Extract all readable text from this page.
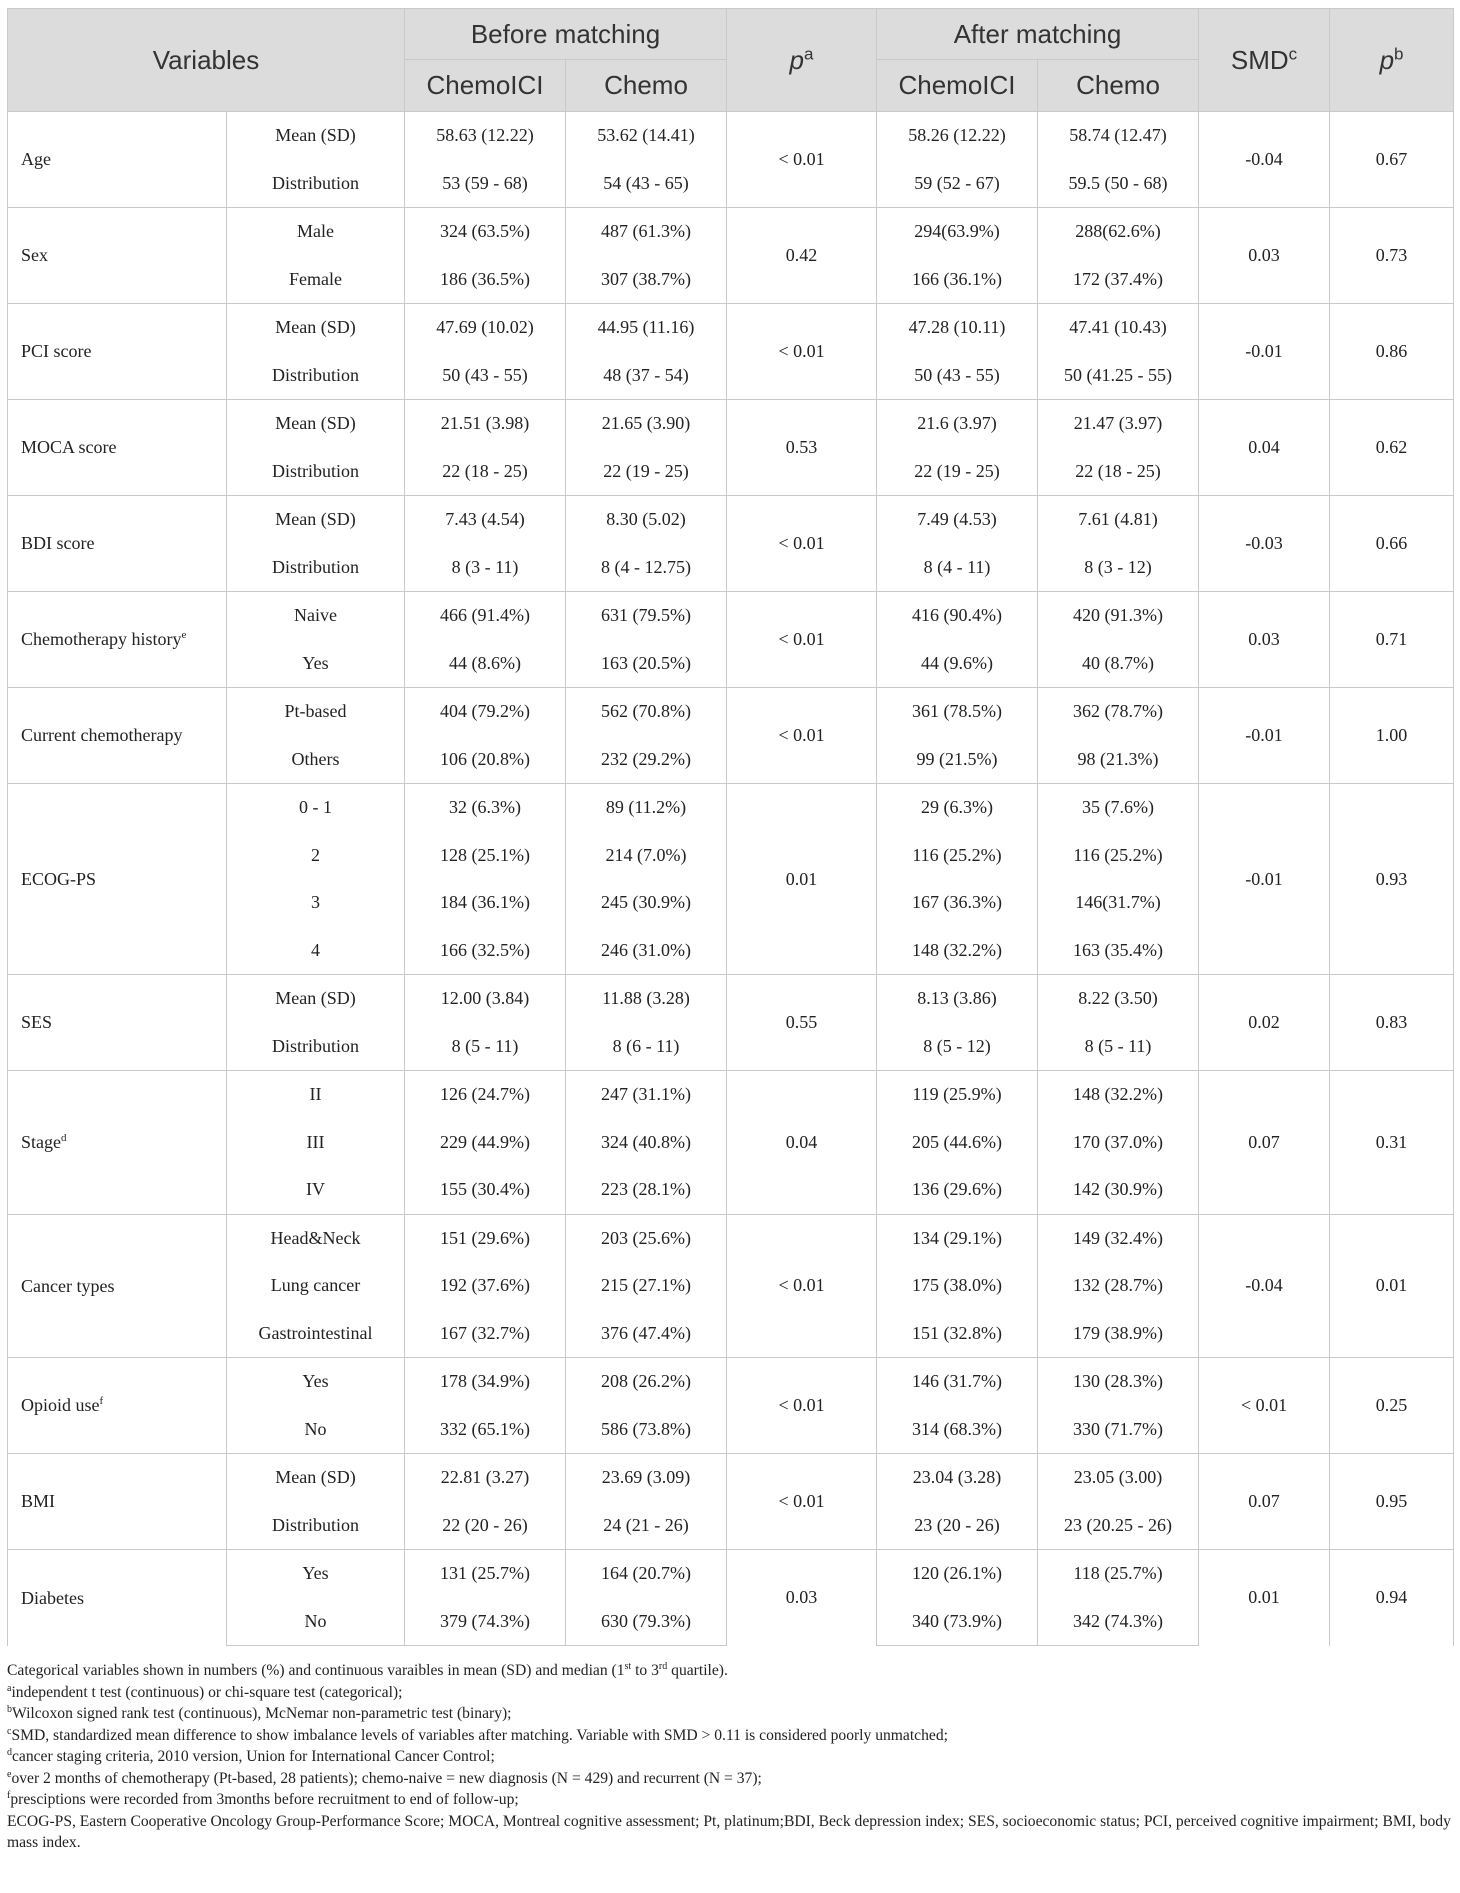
Variables		Before matching		$p^a$	After matching		SMD$^c$	$p^b$
		ChemoICI	Chemo		ChemoICI	Chemo		
Age	Mean (SD)	58.63 (12.22)	53.62 (14.41)	< 0.01	58.26 (12.22)	58.74 (12.47)	-0.04	0.67
	Distribution	53 (59 - 68)	54 (43 - 65)		59 (52 - 67)	59.5 (50 - 68)		
Sex	Male	324 (63.5%)	487 (61.3%)	0.42	294(63.9%)	288(62.6%)	0.03	0.73
	Female	186 (36.5%)	307 (38.7%)		166 (36.1%)	172 (37.4%)		
PCI score	Mean (SD)	47.69 (10.02)	44.95 (11.16)	< 0.01	47.28 (10.11)	47.41 (10.43)	-0.01	0.86
	Distribution	50 (43 - 55)	48 (37 - 54)		50 (43 - 55)	50 (41.25 - 55)		
MOCA score	Mean (SD)	21.51 (3.98)	21.65 (3.90)	0.53	21.6 (3.97)	21.47 (3.97)	0.04	0.62
	Distribution	22 (18 - 25)	22 (19 - 25)		22 (19 - 25)	22 (18 - 25)		
BDI score	Mean (SD)	7.43 (4.54)	8.30 (5.02)	< 0.01	7.49 (4.53)	7.61 (4.81)	-0.03	0.66
	Distribution	8 (3 - 11)	8 (4 - 12.75)		8 (4 - 11)	8 (3 - 12)		
Chemotherapy history$^e$	Naive	466 (91.4%)	631 (79.5%)	< 0.01	416 (90.4%)	420 (91.3%)	0.03	0.71
	Yes	44 (8.6%)	163 (20.5%)		44 (9.6%)	40 (8.7%)		
Current chemotherapy	Pt-based	404 (79.2%)	562 (70.8%)	< 0.01	361 (78.5%)	362 (78.7%)	-0.01	1.00
	Others	106 (20.8%)	232 (29.2%)		99 (21.5%)	98 (21.3%)		
ECOG-PS	0 - 1	32 (6.3%)	89 (11.2%)	0.01	29 (6.3%)	35 (7.6%)	-0.01	0.93
	2	128 (25.1%)	214 (7.0%)		116 (25.2%)	116 (25.2%)		
	3	184 (36.1%)	245 (30.9%)		167 (36.3%)	146(31.7%)		
	4	166 (32.5%)	246 (31.0%)		148 (32.2%)	163 (35.4%)		
SES	Mean (SD)	12.00 (3.84)	11.88 (3.28)	0.55	8.13 (3.86)	8.22 (3.50)	0.02	0.83
	Distribution	8 (5 - 11)	8 (6 - 11)		8 (5 - 12)	8 (5 - 11)		
Stage$^d$	II	126 (24.7%)	247 (31.1%)	0.04	119 (25.9%)	148 (32.2%)	0.07	0.31
	III	229 (44.9%)	324 (40.8%)		205 (44.6%)	170 (37.0%)		
	IV	155 (30.4%)	223 (28.1%)		136 (29.6%)	142 (30.9%)		
Cancer types	Head&Neck	151 (29.6%)	203 (25.6%)	< 0.01	134 (29.1%)	149 (32.4%)	-0.04	0.01
	Lung cancer	192 (37.6%)	215 (27.1%)		175 (38.0%)	132 (28.7%)		
	Gastrointestinal	167 (32.7%)	376 (47.4%)		151 (32.8%)	179 (38.9%)		
Opioid use$^f$	Yes	178 (34.9%)	208 (26.2%)	< 0.01	146 (31.7%)	130 (28.3%)	< 0.01	0.25
	No	332 (65.1%)	586 (73.8%)		314 (68.3%)	330 (71.7%)		
BMI	Mean (SD)	22.81 (3.27)	23.69 (3.09)	< 0.01	23.04 (3.28)	23.05 (3.00)	0.07	0.95
	Distribution	22 (20 - 26)	24 (21 - 26)		23 (20 - 26)	23 (20.25 - 26)		
Diabetes	Yes	131 (25.7%)	164 (20.7%)	0.03	120 (26.1%)	118 (25.7%)	0.01	0.94
	No	379 (74.3%)	630 (79.3%)		340 (73.9%)	342 (74.3%)		
Categorical variables shown in numbers (%) and continuous varaibles in mean (SD) and median (1st to 3rd quartile).
$^a$independent t test (continuous) or chi-square test (categorical);
$^b$Wilcoxon signed rank test (continuous), McNemar non-parametric test (binary);
$^c$SMD, standardized mean difference to show imbalance levels of variables after matching. Variable with SMD > 0.11 is considered poorly unmatched;
$^d$cancer staging criteria, 2010 version, Union for International Cancer Control;
$^e$over 2 months of chemotherapy (Pt-based, 28 patients); chemo-naive = new diagnosis (N = 429) and recurrent (N = 37);
$^f$presciptions were recorded from 3months before recruitment to end of follow-up;
ECOG-PS, Eastern Cooperative Oncology Group-Performance Score; MOCA, Montreal cognitive assessment; Pt, platinum;BDI, Beck depression index; SES, socioeconomic status; PCI, perceived cognitive impairment; BMI, body mass index.
